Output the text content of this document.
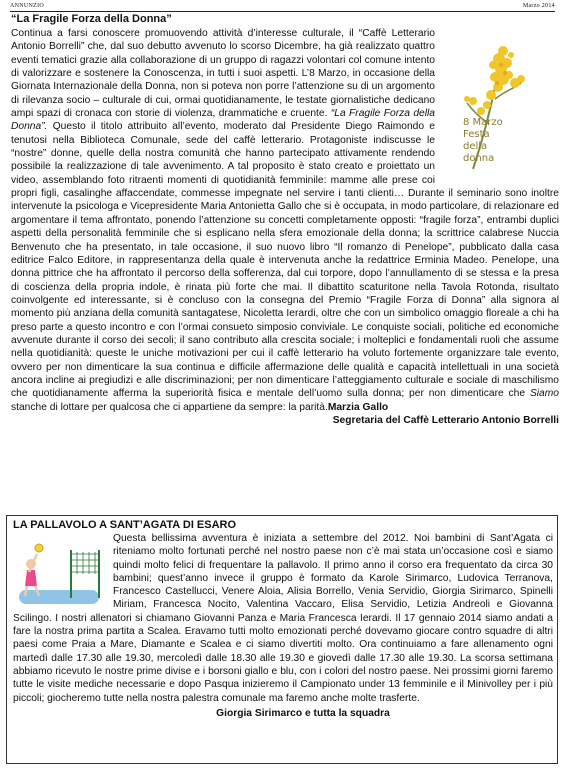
ANNUNZIO	Marzo 2014
“La Fragile Forza della Donna”
8 Marzo
Festa
della
donna

Continua a farsi conoscere promuovendo attività d’interesse culturale, il “Caffè Letterario Antonio Borrelli” che, dal suo debutto avvenuto lo scorso Dicembre, ha già realizzato quattro eventi tematici grazie alla collaborazione di un gruppo di ragazzi volontari col comune intento di valorizzare e sostenere la Conoscenza, in tutti i suoi aspetti. L’8 Marzo, in occasione della Giornata Internazionale della Donna, non si poteva non porre l’attenzione su di un argomento di rilevanza socio – culturale di cui, ormai quotidianamente, le testate giornalistiche dedicano ampi spazi di cronaca con storie di violenza, drammatiche e cruente. “La Fragile Forza della Donna”. Questo il titolo attribuito all’evento, moderato dal Presidente Diego Raimondo e tenutosi nella Biblioteca Comunale, sede del caffè letterario. Protagoniste indiscusse le “nostre” donne, quelle della nostra comunità che hanno partecipato attivamente rendendo possibile la realizzazione di tale avvenimento. A tal proposito è stato creato e proiettato un video, assemblando foto ritraenti momenti di quotidianità femminile: mamme alle prese coi propri figli, casalinghe affaccendate, commesse impegnate nel servire i tanti clienti… Durante il seminario sono inoltre intervenute la psicologa e Vicepresidente Maria Antonietta Gallo che si è occupata, in modo particolare, di relazionare ed argomentare il tema affrontato, ponendo l’attenzione su concetti completamente opposti: “fragile forza”, entrambi duplici aspetti della personalità femminile che si esplicano nella sfera emozionale della donna; la scrittrice calabrese Nuccia Benvenuto che ha presentato, in tale occasione, il suo nuovo libro “Il romanzo di Penelope”, pubblicato dalla casa editrice Falco Editore, in rappresentanza della quale è intervenuta anche la redattrice Erminia Madeo. Penelope, una donna pittrice che ha affrontato il percorso della sofferenza, dal cui torpore, dopo l’annullamento di se stessa e la presa di coscienza della propria indole, è rinata più forte che mai. Il dibattito scaturitone nella Tavola Rotonda, risultato coinvolgente ed interessante, si è concluso con la consegna del Premio “Fragile Forza di Donna” alla signora al momento più anziana della comunità santagatese, Nicoletta Ierardi, oltre che con un simbolico omaggio floreale a chi ha preso parte a questo incontro e con l’ormai consueto simposio conviviale. Le conquiste sociali, politiche ed economiche avvenute durante il corso dei secoli; il sano contributo alla crescita sociale; i molteplici e fondamentali ruoli che assume nella quotidianità: queste le uniche motivazioni per cui il caffè letterario ha voluto fortemente organizzare tale evento, ovvero per non dimenticare la sua continua e difficile affermazione delle qualità e capacità intellettuali in una società ancora incline ai pregiudizi e alle discriminazioni; per non dimenticare l’atteggiamento culturale e sociale di maschilismo che quotidianamente afferma la superiorità fisica e mentale dell’uomo sulla donna; per non dimenticare che Siamo stanche di lottare per qualcosa che ci appartiene da sempre: la parità.Marzia Gallo

Segretaria del Caffè Letterario Antonio Borrelli
LA PALLAVOLO A SANT’AGATA DI ESARO

Questa bellissima avventura è iniziata a settembre del 2012. Noi bambini di Sant’Agata ci riteniamo molto fortunati perché nel nostro paese non c’è mai stata un’occasione così e siamo quindi molto felici di frequentare la pallavolo. Il primo anno il corso era frequentato da circa 30 bambini; quest’anno invece il gruppo è formato da Karole Sirimarco, Ludovica Terranova, Francesco Castellucci, Venere Aloia, Alisia Borrello, Venia Servidio, Giorgia Sirimarco, Spinelli Miriam, Francesca Nocito, Valentina Vaccaro, Elisa Servidio, Letizia Andreoli e Giovanna Scilingo. I nostri allenatori si chiamano Giovanni Panza e Maria Francesca Ierardi. Il 17 gennaio 2014 siamo andati a fare la nostra prima partita a Scalea. Eravamo tutti molto emozionati perché dovevamo giocare contro squadre di altri paesi come Praia a Mare, Diamante e Scalea e ci siamo divertiti molto. Ora continuiamo a fare allenamento ogni martedì dalle 17.30 alle 19.30, mercoledì dalle 18.30 alle 19.30 e giovedì dalle 17.30 alle 19.30. La scorsa settimana abbiamo ricevuto le nostre prime divise e i borsoni giallo e blu, con i colori del nostro paese. Nei prossimi giorni faremo tutte le visite mediche necessarie e dopo Pasqua inizieremo il Campionato under 13 femminile e il Minivolley per i più piccoli; giocheremo tutte nella nostra palestra comunale ma faremo anche molte trasferte.

Giorgia Sirimarco e tutta la squadra
